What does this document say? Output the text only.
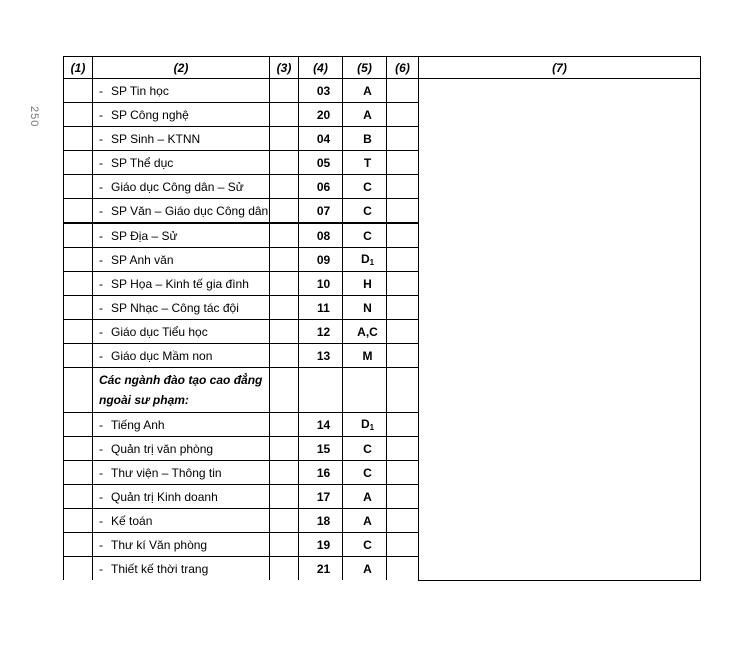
250
(1)	(2)	(3)	(4)	(5)	(6)	(7)
	- SP Tin học		03	A		
	- SP Công nghệ		20	A		
	- SP Sinh – KTNN		04	B		
	- SP Thể dục		05	T		
	- Giáo dục Công dân – Sử		06	C		
	- SP Văn – Giáo dục Công dân		07	C		
	- SP Địa – Sử		08	C		
	- SP Anh văn		09	$D_1$	
	- SP Họa – Kinh tế gia đình		10	H		
	- SP Nhạc – Công tác đội		11	N		
	- Giáo dục Tiểu học		12	A,C		
	- Giáo dục Mầm non		13	M		
	Các ngành đào tạo cao đẳng ngoài sư phạm:					
	- Tiếng Anh		14	$D_1$	
	- Quản trị văn phòng		15	C		
	- Thư viện – Thông tin		16	C		
	- Quản trị Kinh doanh		17	A		
	- Kế toán		18	A		
	- Thư kí Văn phòng		19	C		
	- Thiết kế thời trang		21	A		
